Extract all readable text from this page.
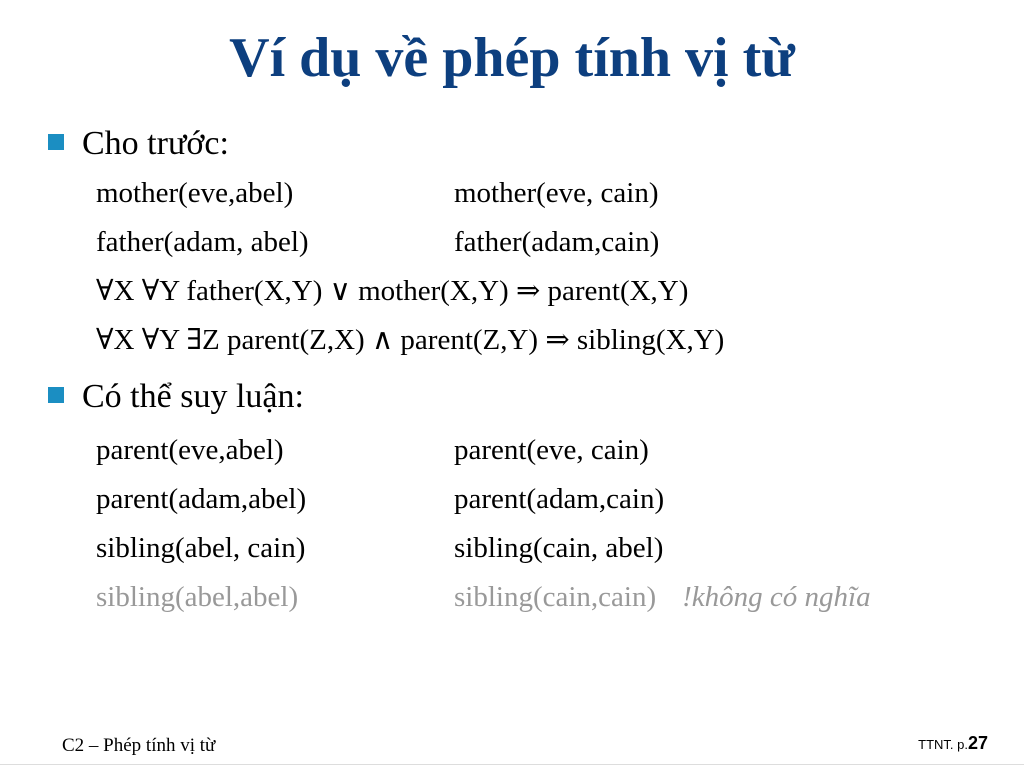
Ví dụ về phép tính vị từ
Cho trước:
mother(eve,abel)	mother(eve, cain)
father(adam, abel)	father(adam,cain)
∀X ∀Y father(X,Y) ∨ mother(X,Y) ⇒ parent(X,Y)
∀X ∀Y ∃Z parent(Z,X) ∧ parent(Z,Y) ⇒ sibling(X,Y)
Có thể suy luận:
parent(eve,abel)	parent(eve, cain)
parent(adam,abel)	parent(adam,cain)
sibling(abel, cain)	sibling(cain, abel)
sibling(abel,abel)	sibling(cain,cain) !không có nghĩa
C2 – Phép tính vị từ	TTNT. p.27
